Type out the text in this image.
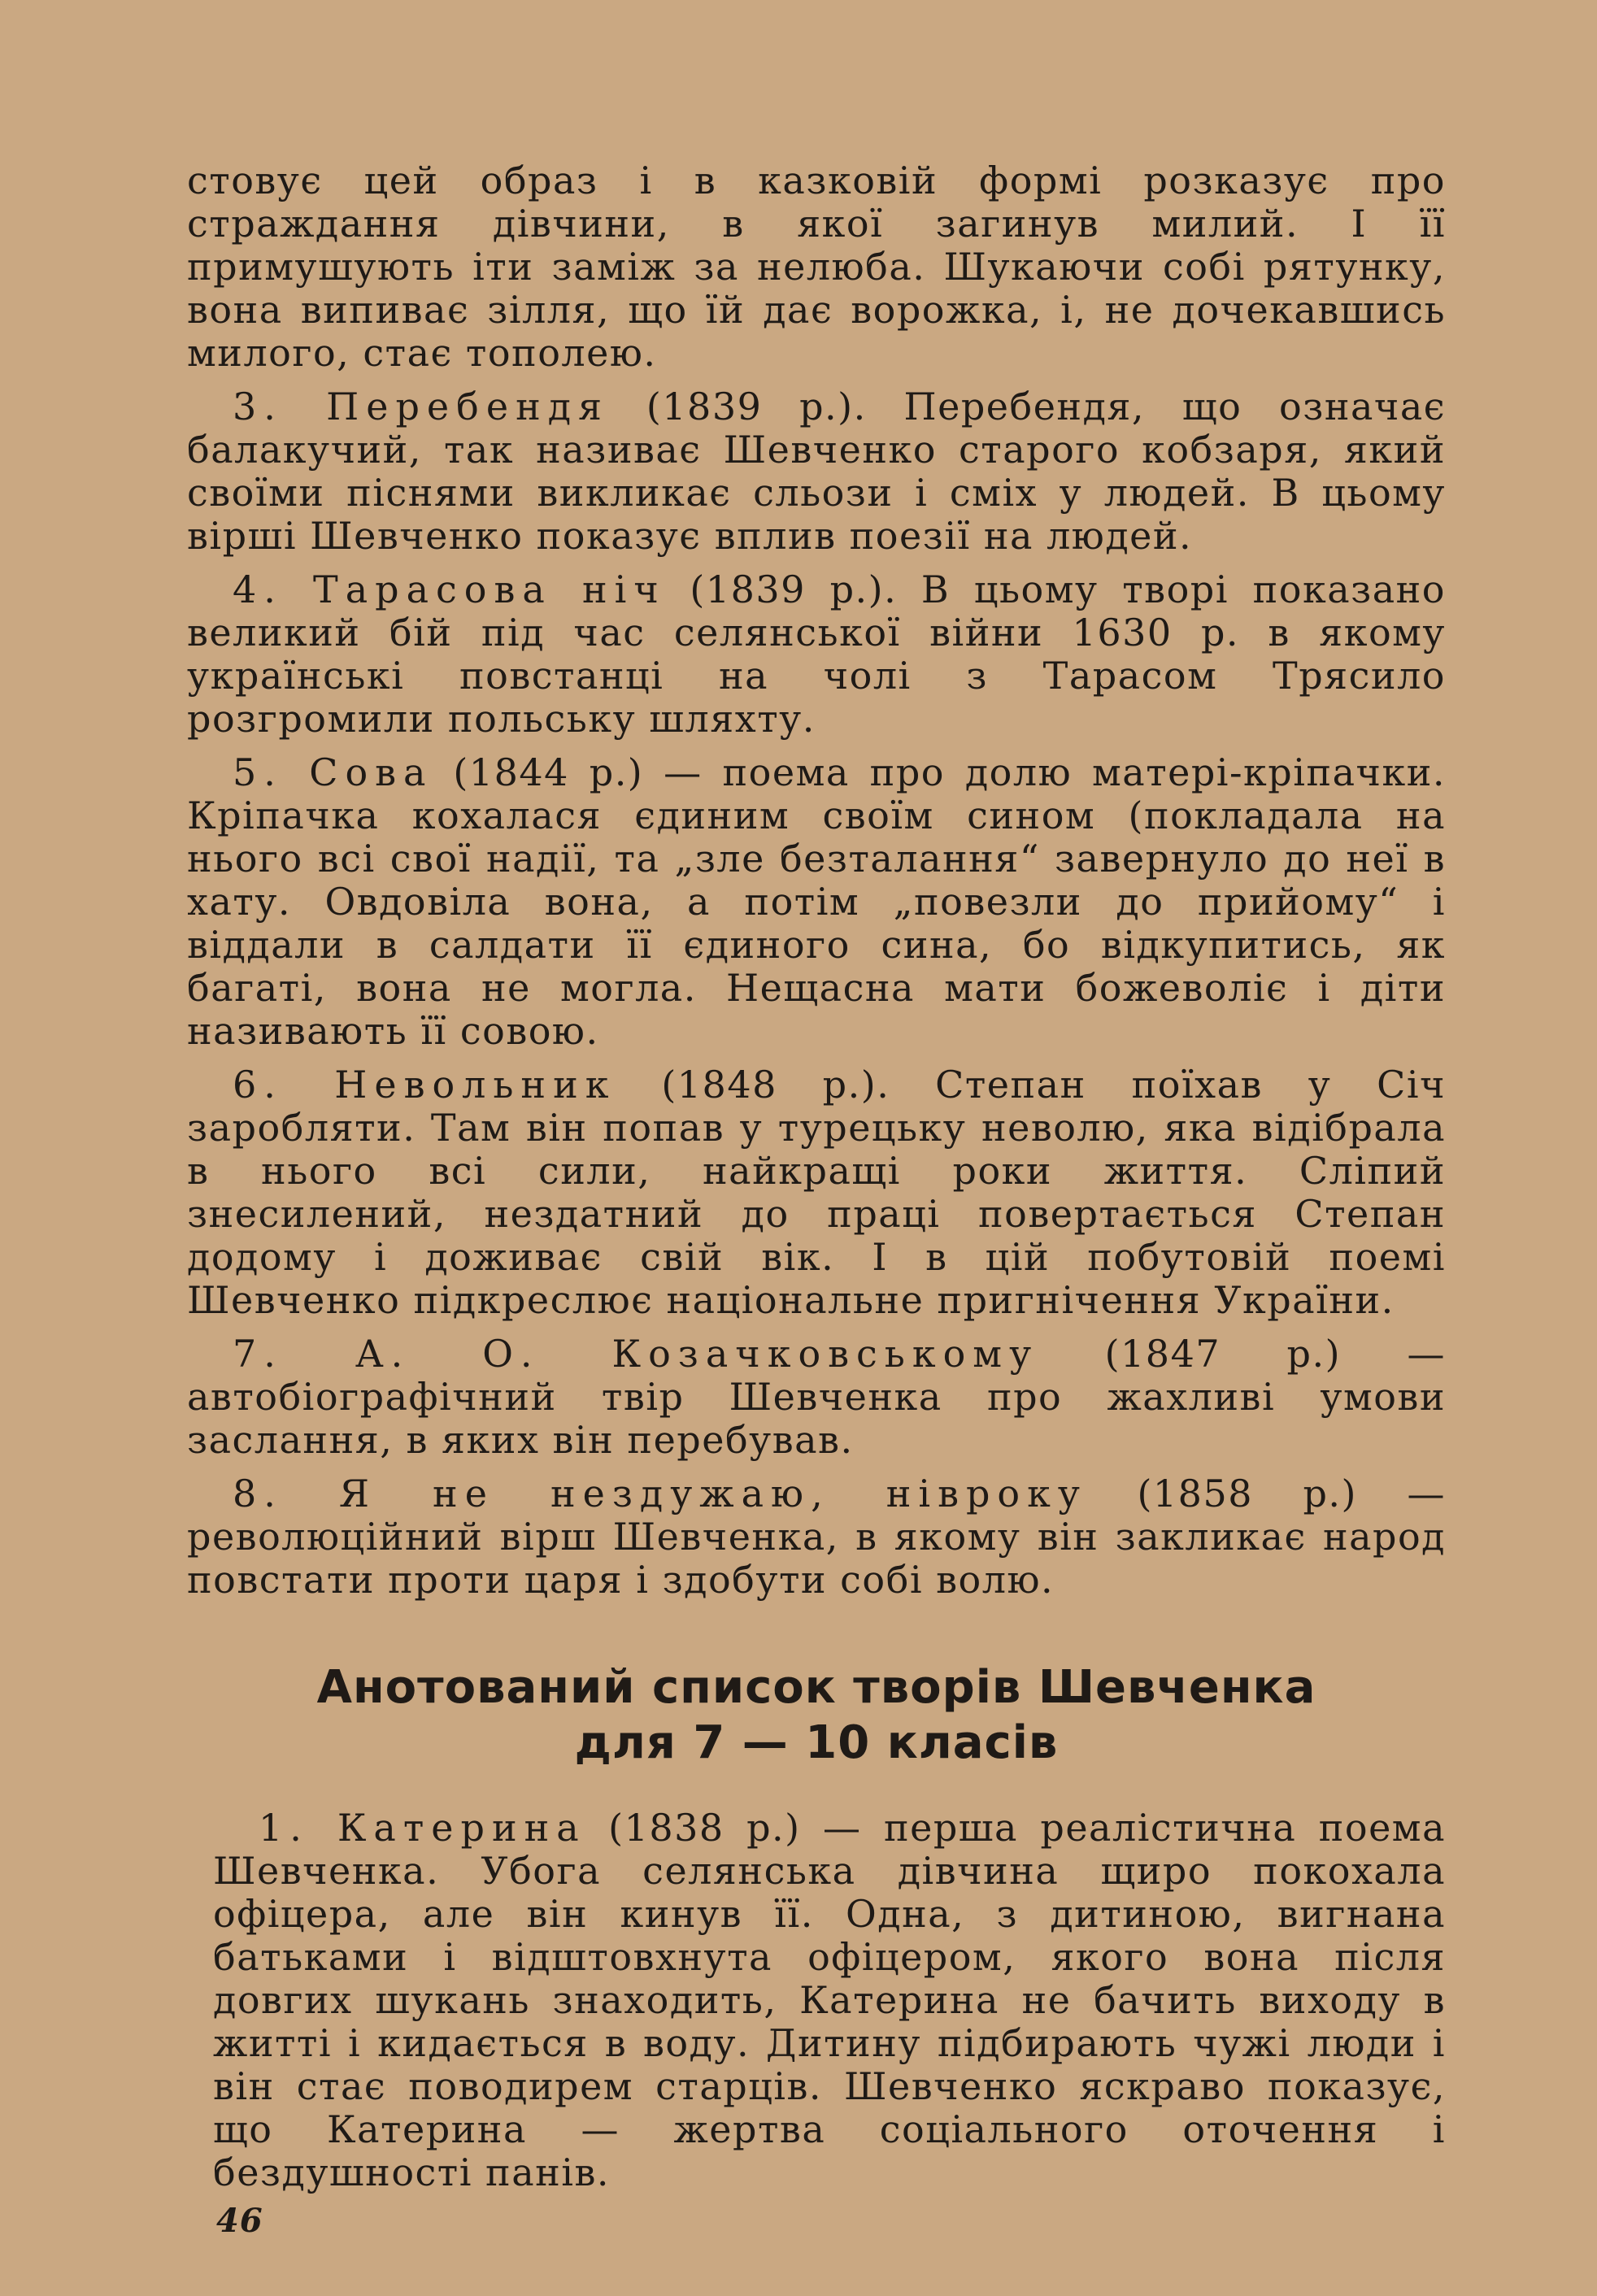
стовує цей образ і в казковій формі розказує про страждання дівчини, в якої загинув милий. І її примушують іти заміж за нелюба. Шукаючи собі рятунку, вона випиває зілля, що їй дає ворожка, і, не дочекавшись милого, стає тополею.

3. Перебендя (1839 р.). Перебендя, що означає балакучий, так називає Шевченко старого кобзаря, який своїми піснями викликає сльози і сміх у людей. В цьому вірші Шевченко показує вплив поезії на людей.

4. Тарасова ніч (1839 р.). В цьому творі показано великий бій під час селянської війни 1630 р. в якому українські повстанці на чолі з Тарасом Трясило розгромили польську шляхту.

5. Сова (1844 р.) — поема про долю матері-кріпачки. Кріпачка кохалася єдиним своїм сином (покладала на нього всі свої надії, та „зле безталання“ завернуло до неї в хату. Овдовіла вона, а потім „повезли до прийому“ і віддали в салдати її єдиного сина, бо відкупитись, як багаті, вона не могла. Нещасна мати божеволіє і діти називають її совою.

6. Невольник (1848 р.). Степан поїхав у Січ заробляти. Там він попав у турецьку неволю, яка відібрала в нього всі сили, найкращі роки життя. Сліпий знесилений, нездатний до праці повертається Степан додому і доживає свій вік. І в цій побутовій поемі Шевченко підкреслює національне пригнічення України.

7. А. О. Козачковському (1847 р.) — автобіографічний твір Шевченка про жахливі умови заслання, в яких він перебував.

8. Я не нездужаю, нівроку (1858 р.) — революційний вірш Шевченка, в якому він закликає народ повстати проти царя і здобути собі волю.

Анотований список творів Шевченка
для 7 — 10 класів

1. Катерина (1838 р.) — перша реалістична поема Шевченка. Убога селянська дівчина щиро покохала офіцера, але він кинув її. Одна, з дитиною, вигнана батьками і відштовхнута офіцером, якого вона після довгих шукань знаходить, Катерина не бачить виходу в житті і кидається в воду. Дитину підбирають чужі люди і він стає поводирем старців. Шевченко яскраво показує, що Катерина — жертва соціального оточення і бездушності панів.

46
